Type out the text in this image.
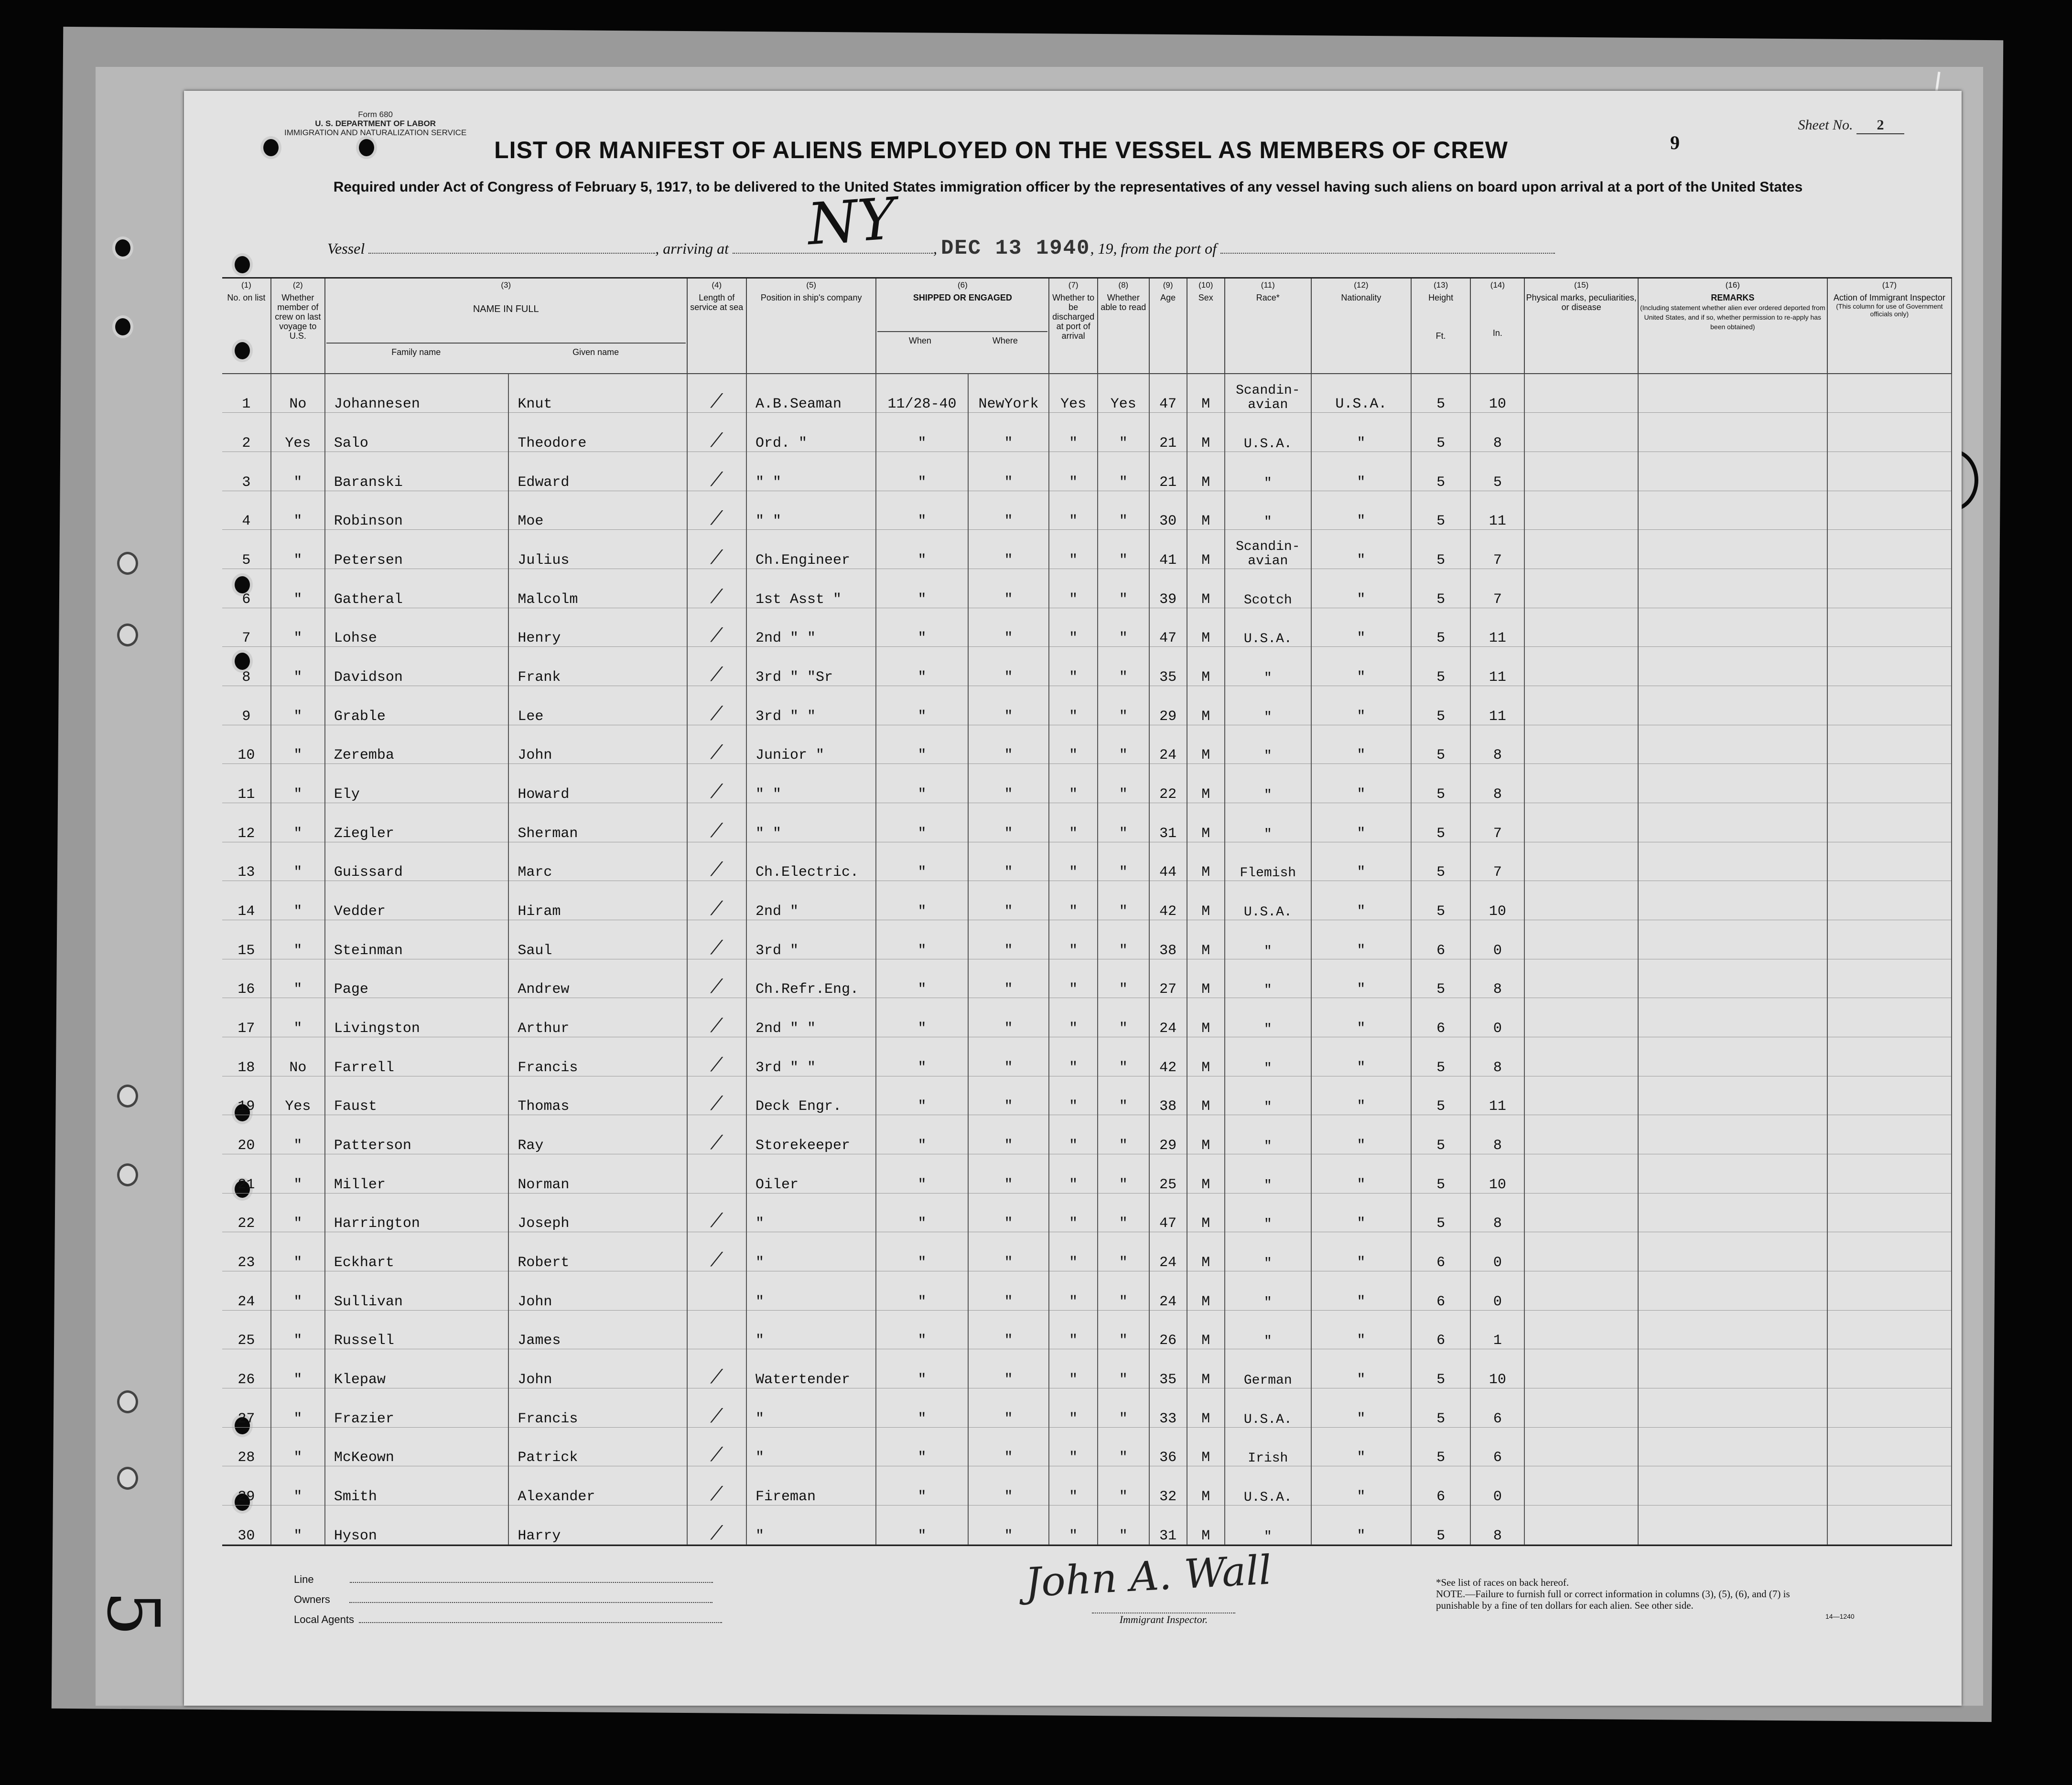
5
Form 680
U. S. DEPARTMENT OF LABOR
IMMIGRATION AND NATURALIZATION SERVICE	9
Sheet No. 2
LIST OR MANIFEST OF ALIENS EMPLOYED ON THE VESSEL AS MEMBERS OF CREW
Required under Act of Congress of February 5, 1917, to be delivered to the United States immigration officer by the representatives of any vessel having such aliens on board upon arrival at a port of the United States
NY
Vessel	, arriving at	, DEC 13 1940, 19, from the port of
(1)
No. on list	(2)
Whether member of crew on last voyage to U.S.	(3)
NAME IN FULL
Family name Given name		(4)
Length of service at sea	(5)
Position in ship's company	(6)
SHIPPED OR ENGAGED
When Where		(7)
Whether to be discharged at port of arrival	(8)
Whether able to read	(9)
Age	(10)
Sex	(11)
Race*	(12)
Nationality	(13)
Height
Ft.	(14)
In.	(15)
Physical marks, peculiarities, or disease	(16)
REMARKS
(Including statement whether alien ever ordered deported from United States, and if so, whether permission to re-apply has been obtained)	(17)
Action of Immigrant Inspector
(This column for use of Government officials only)

1	No	Johannesen	Knut	⁄	A.B.Seaman	11/28-40	NewYork	Yes	Yes	47	M	Scandin-avian	U.S.A.	5	10			
2	Yes	Salo	Theodore	⁄	Ord. "	"	"	"	"	21	M	U.S.A.	"	5	8			
3	"	Baranski	Edward	⁄	" "	"	"	"	"	21	M	"	"	5	5			
4	"	Robinson	Moe	⁄	" "	"	"	"	"	30	M	"	"	5	11			
5	"	Petersen	Julius	⁄	Ch.Engineer	"	"	"	"	41	M	Scandin-avian	"	5	7			
6	"	Gatheral	Malcolm	⁄	1st Asst "	"	"	"	"	39	M	Scotch	"	5	7			
7	"	Lohse	Henry	⁄	2nd " "	"	"	"	"	47	M	U.S.A.	"	5	11			
8	"	Davidson	Frank	⁄	3rd " "Sr	"	"	"	"	35	M	"	"	5	11			
9	"	Grable	Lee	⁄	3rd " "	"	"	"	"	29	M	"	"	5	11			
10	"	Zeremba	John	⁄	Junior "	"	"	"	"	24	M	"	"	5	8			
11	"	Ely	Howard	⁄	" "	"	"	"	"	22	M	"	"	5	8			
12	"	Ziegler	Sherman	⁄	" "	"	"	"	"	31	M	"	"	5	7			
13	"	Guissard	Marc	⁄	Ch.Electric.	"	"	"	"	44	M	Flemish	"	5	7			
14	"	Vedder	Hiram	⁄	2nd "	"	"	"	"	42	M	U.S.A.	"	5	10			
15	"	Steinman	Saul	⁄	3rd "	"	"	"	"	38	M	"	"	6	0			
16	"	Page	Andrew	⁄	Ch.Refr.Eng.	"	"	"	"	27	M	"	"	5	8			
17	"	Livingston	Arthur	⁄	2nd " "	"	"	"	"	24	M	"	"	6	0			
18	No	Farrell	Francis	⁄	3rd " "	"	"	"	"	42	M	"	"	5	8			
19	Yes	Faust	Thomas	⁄	Deck Engr.	"	"	"	"	38	M	"	"	5	11			
20	"	Patterson	Ray	⁄	Storekeeper	"	"	"	"	29	M	"	"	5	8			
21	"	Miller	Norman		Oiler	"	"	"	"	25	M	"	"	5	10			
22	"	Harrington	Joseph	⁄	"	"	"	"	"	47	M	"	"	5	8			
23	"	Eckhart	Robert	⁄	"	"	"	"	"	24	M	"	"	6	0			
24	"	Sullivan	John		"	"	"	"	"	24	M	"	"	6	0			
25	"	Russell	James		"	"	"	"	"	26	M	"	"	6	1			
26	"	Klepaw	John	⁄	Watertender	"	"	"	"	35	M	German	"	5	10			
27	"	Frazier	Francis	⁄	"	"	"	"	"	33	M	U.S.A.	"	5	6			
28	"	McKeown	Patrick	⁄	"	"	"	"	"	36	M	Irish	"	5	6			
29	"	Smith	Alexander	⁄	Fireman	"	"	"	"	32	M	U.S.A.	"	6	0			
30	"	Hyson	Harry	⁄	"	"	"	"	"	31	M	"	"	5	8			
Line
Owners
Local Agents
John A. Wall
Immigrant Inspector.
*See list of races on back hereof.
NOTE.—Failure to furnish full or correct information in columns (3), (5), (6), and (7) is punishable by a fine of ten dollars for each alien. See other side.
14—1240
